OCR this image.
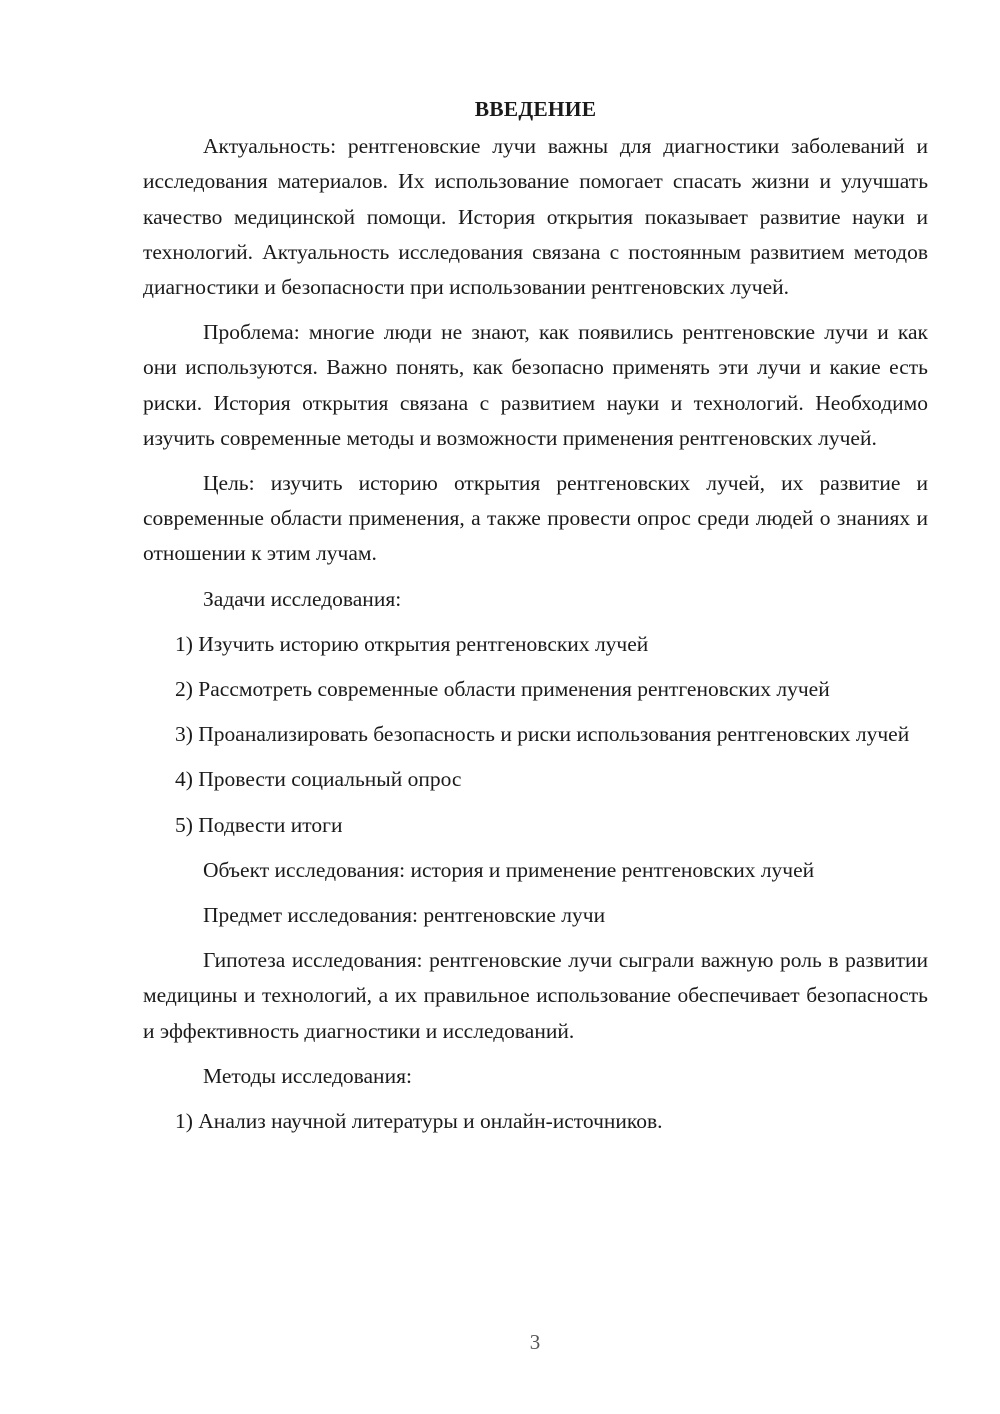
ВВЕДЕНИЕ

Актуальность: рентгеновские лучи важны для диагностики заболеваний и исследования материалов. Их использование помогает спасать жизни и улучшать качество медицинской помощи. История открытия показывает развитие науки и технологий. Актуальность исследования связана с постоянным развитием методов диагностики и безопасности при использовании рентгеновских лучей.

Проблема: многие люди не знают, как появились рентгеновские лучи и как они используются. Важно понять, как безопасно применять эти лучи и какие есть риски. История открытия связана с развитием науки и технологий. Необходимо изучить современные методы и возможности применения рентгеновских лучей.

Цель: изучить историю открытия рентгеновских лучей, их развитие и современные области применения, а также провести опрос среди людей о знаниях и отношении к этим лучам.

Задачи исследования:

1) Изучить историю открытия рентгеновских лучей

2) Рассмотреть современные области применения рентгеновских лучей

3) Проанализировать безопасность и риски использования рентгеновских лучей

4) Провести социальный опрос

5) Подвести итоги

Объект исследования: история и применение рентгеновских лучей

Предмет исследования: рентгеновские лучи

Гипотеза исследования: рентгеновские лучи сыграли важную роль в развитии медицины и технологий, а их правильное использование обеспечивает безопасность и эффективность диагностики и исследований.

Методы исследования:

1) Анализ научной литературы и онлайн-источников.

3
